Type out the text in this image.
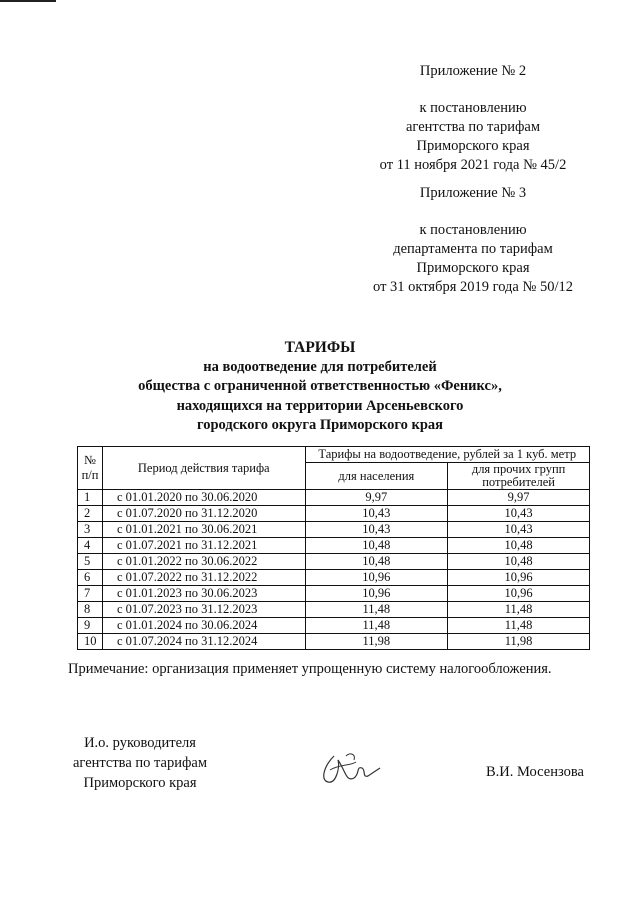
Приложение № 2
к постановлению
агентства по тарифам
Приморского края
от 11 ноября 2021 года № 45/2
Приложение № 3
к постановлению
департамента по тарифам
Приморского края
от 31 октября 2019 года № 50/12
ТАРИФЫ
на водоотведение для потребителей
общества с ограниченной ответственностью «Феникс»,
находящихся на территории Арсеньевского
городского округа Приморского края
№ п/п	Период действия тарифа	Тарифы на водоотведение, рублей за 1 куб. метр	
		для населения	для прочих групп потребителей
1	с 01.01.2020 по 30.06.2020	9,97	9,97
2	с 01.07.2020 по 31.12.2020	10,43	10,43
3	с 01.01.2021 по 30.06.2021	10,43	10,43
4	с 01.07.2021 по 31.12.2021	10,48	10,48
5	с 01.01.2022 по 30.06.2022	10,48	10,48
6	с 01.07.2022 по 31.12.2022	10,96	10,96
7	с 01.01.2023 по 30.06.2023	10,96	10,96
8	с 01.07.2023 по 31.12.2023	11,48	11,48
9	с 01.01.2024 по 30.06.2024	11,48	11,48
10	с 01.07.2024 по 31.12.2024	11,98	11,98
Примечание: организация применяет упрощенную систему налогообложения.
И.о. руководителя
агентства по тарифам
Приморского края
В.И. Мосензова
